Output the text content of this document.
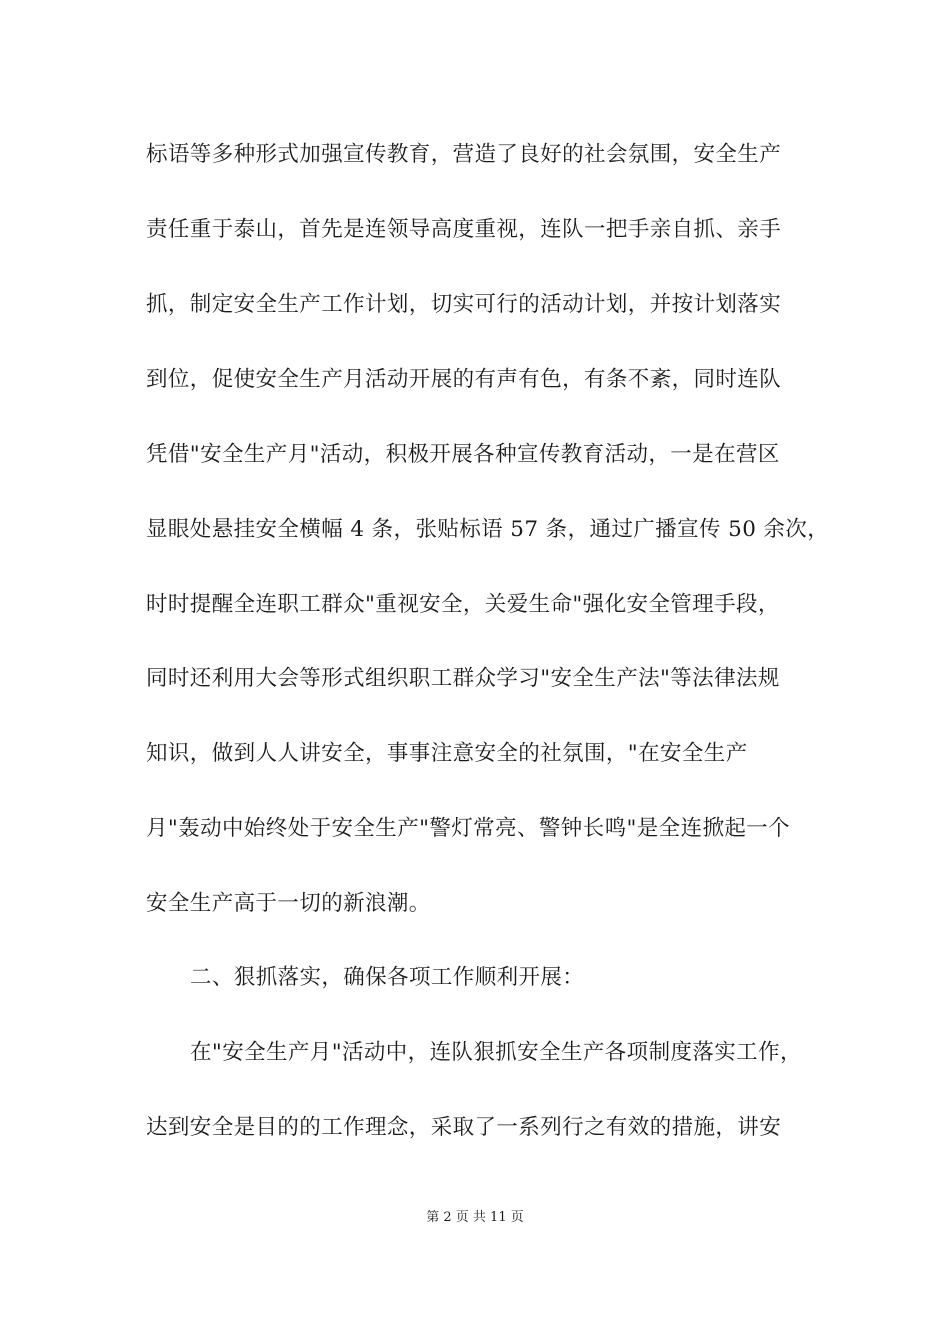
标语等多种形式加强宣传教育，营造了良好的社会氛围，安全生产
责任重于泰山，首先是连领导高度重视，连队一把手亲自抓、亲手
抓，制定安全生产工作计划，切实可行的活动计划，并按计划落实
到位，促使安全生产月活动开展的有声有色，有条不紊，同时连队
凭借"安全生产月"活动，积极开展各种宣传教育活动，一是在营区
显眼处悬挂安全横幅 4 条，张贴标语 57 条，通过广播宣传 50 余次，
时时提醒全连职工群众"重视安全，关爱生命"强化安全管理手段，
同时还利用大会等形式组织职工群众学习"安全生产法"等法律法规
知识，做到人人讲安全，事事注意安全的社氛围，"在安全生产
月"轰动中始终处于安全生产"警灯常亮、警钟长鸣"是全连掀起一个
安全生产高于一切的新浪潮。
二、狠抓落实，确保各项工作顺利开展：
在"安全生产月"活动中，连队狠抓安全生产各项制度落实工作，
达到安全是目的的工作理念，采取了一系列行之有效的措施，讲安
第 2 页 共 11 页
